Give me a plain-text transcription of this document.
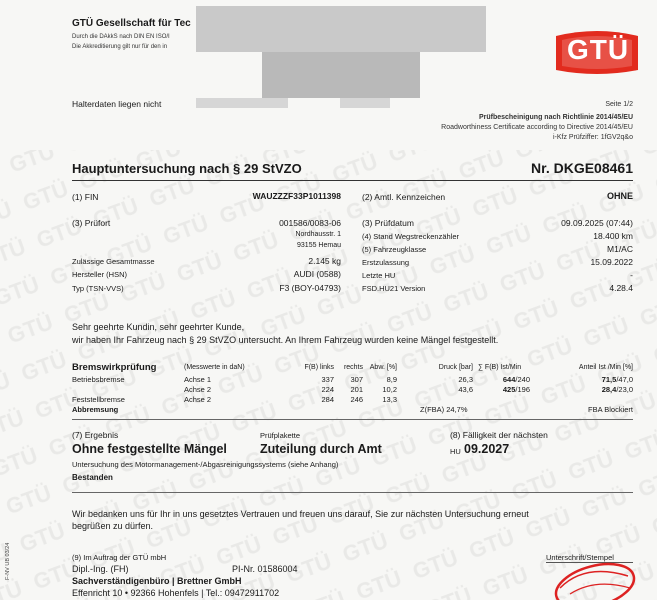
GTÜ Gesellschaft für Tec
Durch die DAkkS nach DIN EN ISO/I
Die Akkreditierung gilt nur für den in	GTÜ
Halterdaten liegen nicht	Seite 1/2
Prüfbescheinigung nach Richtlinie 2014/45/EU
Roadworthiness Certificate according to Directive 2014/45/EU
i-Kfz Prüfziffer: 1fGV2q&o
Hauptuntersuchung nach § 29 StVZO	Nr. DKGE08461
(1) FIN	WAUZZZF33P1011398
(3) Prüfort	001586/0083-06
Nordhausstr. 1
93155 Hemau
Zulässige Gesamtmasse	2.145 kg
Hersteller (HSN)	AUDI (0588)
Typ (TSN-VVS)	F3 (BOY-04793)
(2) Amtl. Kennzeichen	OHNE
(3) Prüfdatum	09.09.2025 (07:44)
(4) Stand Wegstreckenzähler	18.400 km
(5) Fahrzeugklasse	M1/AC
Erstzulassung	15.09.2022
Letzte HU	-
FSD.HU21 Version	4.28.4
Sehr geehrte Kundin, sehr geehrter Kunde,
wir haben Ihr Fahrzeug nach § 29 StVZO untersucht. An Ihrem Fahrzeug wurden keine Mängel festgestellt.
Bremswirkprüfung	(Messwerte in daN)	F(B) links	rechts Abw. [%]	Druck [bar] ∑ F(B) Ist/Min	Anteil Ist /Min [%]
Betriebsbremse	Achse 1	337	307	8,9	26,3	644/240	71,5/47,0
Achse 2	224	201	10,2	43,6	425/196	28,4/23,0
Feststellbremse	Achse 2	284	246	13,3
Abbremsung	Z(FBA) 24,7%	FBA Blockiert
(7) Ergebnis
Ohne festgestellte Mängel
Prüfplakette
Zuteilung durch Amt
(8) Fälligkeit der nächsten
HU 09.2027
Untersuchung des Motormanagement-/Abgasreinigungssystems (siehe Anhang)
Bestanden
Wir bedanken uns für Ihr in uns gesetztes Vertrauen und freuen uns darauf, Sie zur nächsten Untersuchung erneut
begrüßen zu dürfen.
(9) Im Auftrag der GTÜ mbH
Dipl.-Ing. (FH)	PI-Nr. 01586004
Sachverständigenbüro | Brettner GmbH
Effenricht 10 • 92366 Hohenfels | Tel.: 09472911702
Unterschrift/Stempel
F-NV UB 03/24
